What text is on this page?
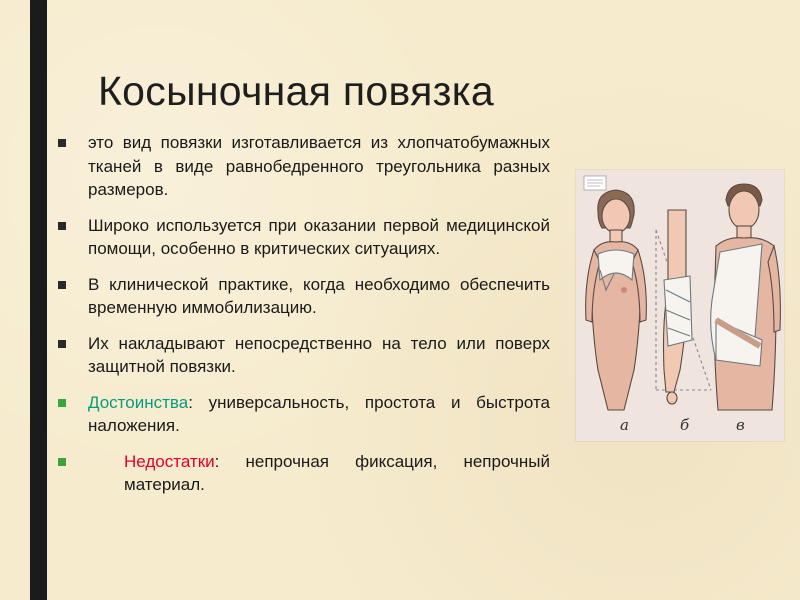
Косыночная повязка
это вид повязки изготавливается из хлопчатобумажных тканей в виде равнобедренного треугольника разных размеров.
Широко используется при оказании первой медицинской помощи, особенно в критических ситуациях.
В клинической практике, когда необходимо обеспечить временную иммобилизацию.
Их накладывают непосредственно на тело или поверх защитной повязки.
Достоинства: универсальность, простота и быстрота наложения.
Недостатки: непрочная фиксация, непрочный материал.
а	б	в
